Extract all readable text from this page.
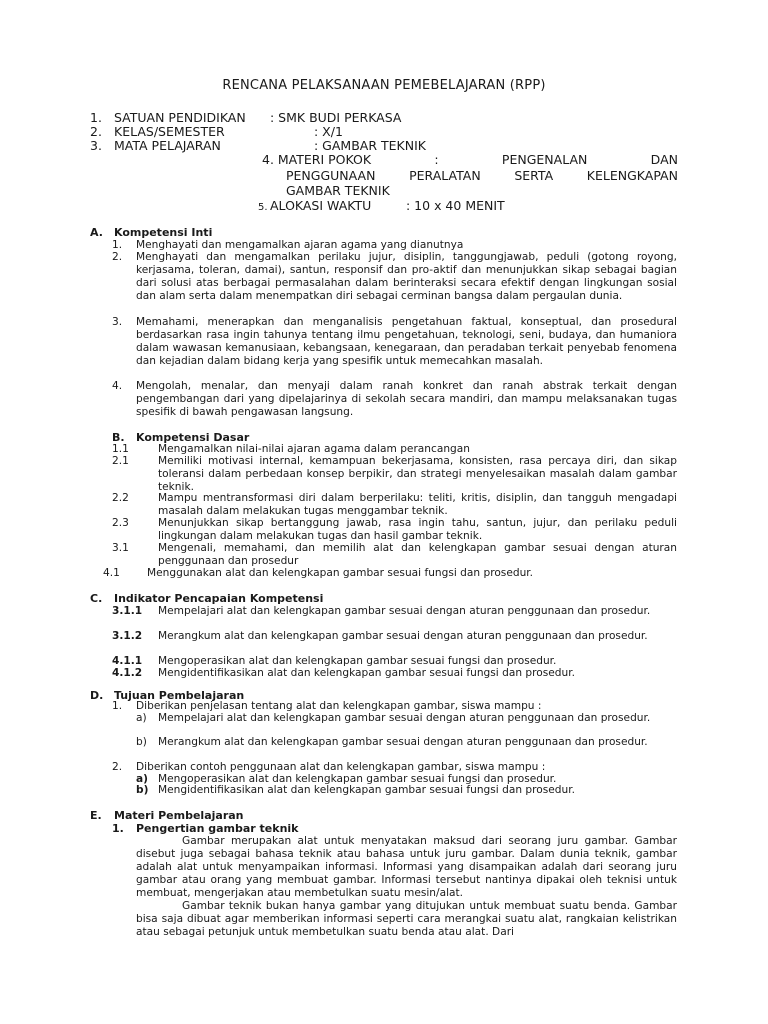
RENCANA PELAKSANAAN PEMEBELAJARAN (RPP)
1. SATUAN PENDIDIKAN : SMK BUDI PERKASA
2. KELAS/SEMESTER	: X/1
3. MATA PELAJARAN	: GAMBAR TEKNIK
4. MATERI POKOK	:	PENGENALAN	DAN
PENGGUNAAN	PERALATAN	SERTA	KELENGKAPAN
GAMBAR TEKNIK
5. ALOKASI WAKTU	: 10 x 40 MENIT
A. Kompetensi Inti
1. Menghayati dan mengamalkan ajaran agama yang dianutnya
2. Menghayati dan mengamalkan perilaku jujur, disiplin, tanggungjawab, peduli (gotong royong, kerjasama, toleran, damai), santun, responsif dan pro-aktif dan menunjukkan sikap sebagai bagian dari solusi atas berbagai permasalahan dalam berinteraksi secara efektif dengan lingkungan sosial dan alam serta dalam menempatkan diri sebagai cerminan bangsa dalam pergaulan dunia.
3. Memahami, menerapkan dan menganalisis pengetahuan faktual, konseptual, dan prosedural berdasarkan rasa ingin tahunya tentang ilmu pengetahuan, teknologi, seni, budaya, dan humaniora dalam wawasan kemanusiaan, kebangsaan, kenegaraan, dan peradaban terkait penyebab fenomena dan kejadian dalam bidang kerja yang spesifik untuk memecahkan masalah.
4. Mengolah, menalar, dan menyaji dalam ranah konkret dan ranah abstrak terkait dengan pengembangan dari yang dipelajarinya di sekolah secara mandiri, dan mampu melaksanakan tugas spesifik di bawah pengawasan langsung.
B. Kompetensi Dasar
1.1	Mengamalkan nilai-nilai ajaran agama dalam perancangan
2.1	Memiliki motivasi internal, kemampuan bekerjasama, konsisten, rasa percaya diri, dan sikap toleransi dalam perbedaan konsep berpikir, dan strategi menyelesaikan masalah dalam gambar teknik.
2.2	Mampu mentransformasi diri dalam berperilaku: teliti, kritis, disiplin, dan tangguh mengadapi masalah dalam melakukan tugas menggambar teknik.
2.3	Menunjukkan sikap bertanggung jawab, rasa ingin tahu, santun, jujur, dan perilaku peduli lingkungan dalam melakukan tugas dan hasil gambar teknik.
3.1	Mengenali, memahami, dan memilih alat dan kelengkapan gambar sesuai dengan aturan penggunaan dan prosedur
4.1	Menggunakan alat dan kelengkapan gambar sesuai fungsi dan prosedur.
C. Indikator Pencapaian Kompetensi
3.1.1 Mempelajari alat dan kelengkapan gambar sesuai dengan aturan penggunaan dan prosedur.
3.1.2 Merangkum alat dan kelengkapan gambar sesuai dengan aturan penggunaan dan prosedur.
4.1.1 Mengoperasikan alat dan kelengkapan gambar sesuai fungsi dan prosedur.
4.1.2 Mengidentifikasikan alat dan kelengkapan gambar sesuai fungsi dan prosedur.
D. Tujuan Pembelajaran
1. Diberikan penjelasan tentang alat dan kelengkapan gambar, siswa mampu :
a) Mempelajari alat dan kelengkapan gambar sesuai dengan aturan penggunaan dan prosedur.
b) Merangkum alat dan kelengkapan gambar sesuai dengan aturan penggunaan dan prosedur.
2. Diberikan contoh penggunaan alat dan kelengkapan gambar, siswa mampu :
a) Mengoperasikan alat dan kelengkapan gambar sesuai fungsi dan prosedur.
b) Mengidentifikasikan alat dan kelengkapan gambar sesuai fungsi dan prosedur.
E. Materi Pembelajaran
1. Pengertian gambar teknik
Gambar merupakan alat untuk menyatakan maksud dari seorang juru gambar. Gambar disebut juga sebagai bahasa teknik atau bahasa untuk juru gambar. Dalam dunia teknik, gambar adalah alat untuk menyampaikan informasi. Informasi yang disampaikan adalah dari seorang juru gambar atau orang yang membuat gambar. Informasi tersebut nantinya dipakai oleh teknisi untuk membuat, mengerjakan atau membetulkan suatu mesin/alat.
Gambar teknik bukan hanya gambar yang ditujukan untuk membuat suatu benda. Gambar bisa saja dibuat agar memberikan informasi seperti cara merangkai suatu alat, rangkaian kelistrikan atau sebagai petunjuk untuk membetulkan suatu benda atau alat. Dari
